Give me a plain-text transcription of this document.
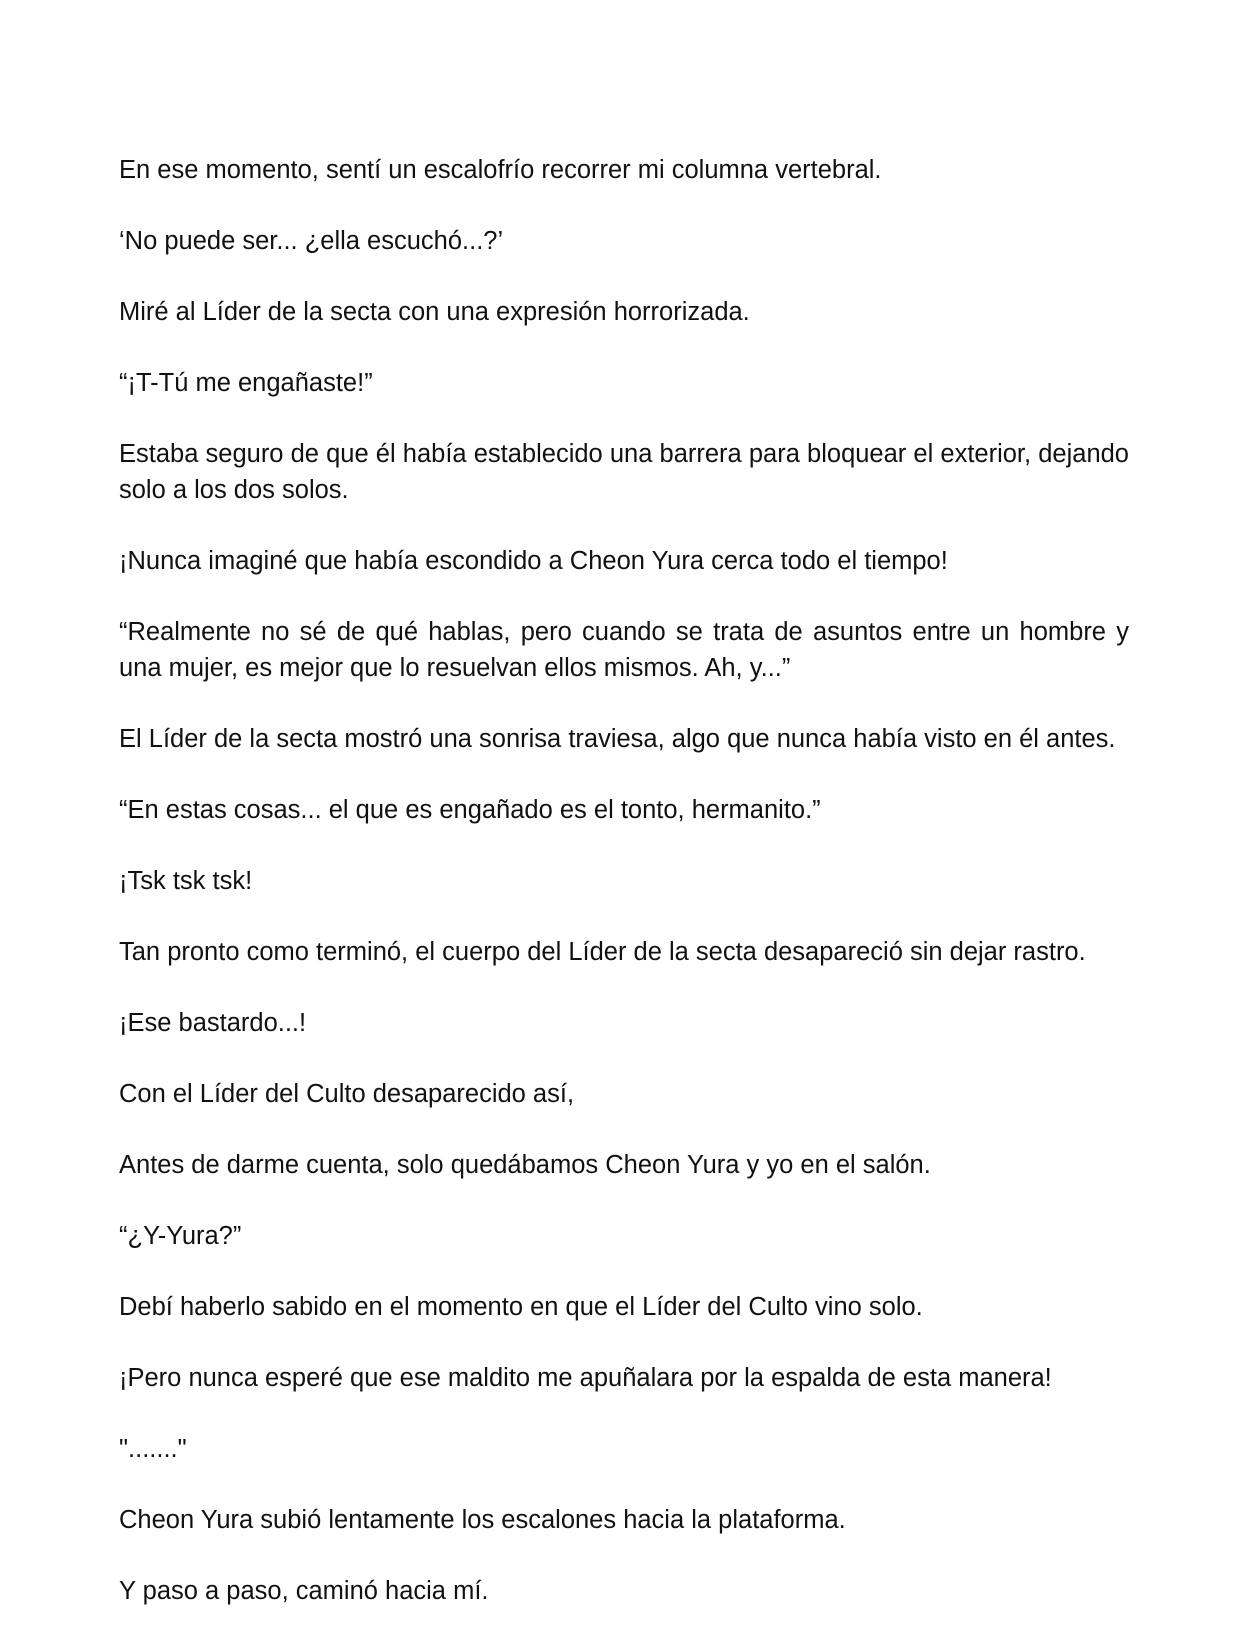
En ese momento, sentí un escalofrío recorrer mi columna vertebral.

‘No puede ser... ¿ella escuchó...?’

Miré al Líder de la secta con una expresión horrorizada.

“¡T-Tú me engañaste!”

Estaba seguro de que él había establecido una barrera para bloquear el exterior, dejando solo a los dos solos.

¡Nunca imaginé que había escondido a Cheon Yura cerca todo el tiempo!

“Realmente no sé de qué hablas, pero cuando se trata de asuntos entre un hombre y una mujer, es mejor que lo resuelvan ellos mismos. Ah, y...”

El Líder de la secta mostró una sonrisa traviesa, algo que nunca había visto en él antes.

“En estas cosas... el que es engañado es el tonto, hermanito.”

¡Tsk tsk tsk!

Tan pronto como terminó, el cuerpo del Líder de la secta desapareció sin dejar rastro.

¡Ese bastardo...!

Con el Líder del Culto desaparecido así,

Antes de darme cuenta, solo quedábamos Cheon Yura y yo en el salón.

“¿Y-Yura?”

Debí haberlo sabido en el momento en que el Líder del Culto vino solo.

¡Pero nunca esperé que ese maldito me apuñalara por la espalda de esta manera!

"......."

Cheon Yura subió lentamente los escalones hacia la plataforma.

Y paso a paso, caminó hacia mí.
